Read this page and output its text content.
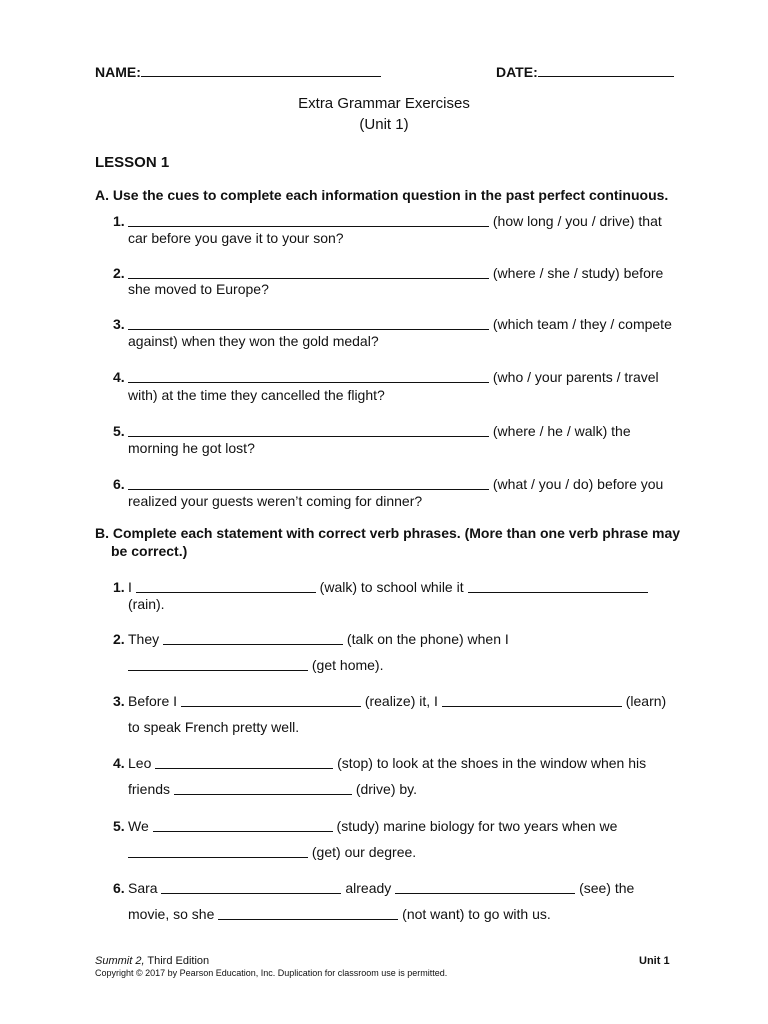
NAME:	DATE:
Extra Grammar Exercises
(Unit 1)
LESSON 1
A. Use the cues to complete each information question in the past perfect continuous.
1.	(how long / you / drive) that
car before you gave it to your son?
2.	(where / she / study) before
she moved to Europe?
3.	(which team / they / compete
against) when they won the gold medal?
4.	(who / your parents / travel
with) at the time they cancelled the flight?
5.	(where / he / walk) the
morning he got lost?
6.	(what / you / do) before you
realized your guests weren’t coming for dinner?
B. Complete each statement with correct verb phrases. (More than one verb phrase may
be correct.)
1. I	(walk) to school while it
(rain).
2. They	(talk on the phone) when I
(get home).
3. Before I	(realize) it, I	(learn)
to speak French pretty well.
4. Leo	(stop) to look at the shoes in the window when his
friends	(drive) by.
5. We	(study) marine biology for two years when we
(get) our degree.
6. Sara	already	(see) the
movie, so she	(not want) to go with us.
Summit 2, Third Edition	Unit 1
Copyright © 2017 by Pearson Education, Inc. Duplication for classroom use is permitted.
